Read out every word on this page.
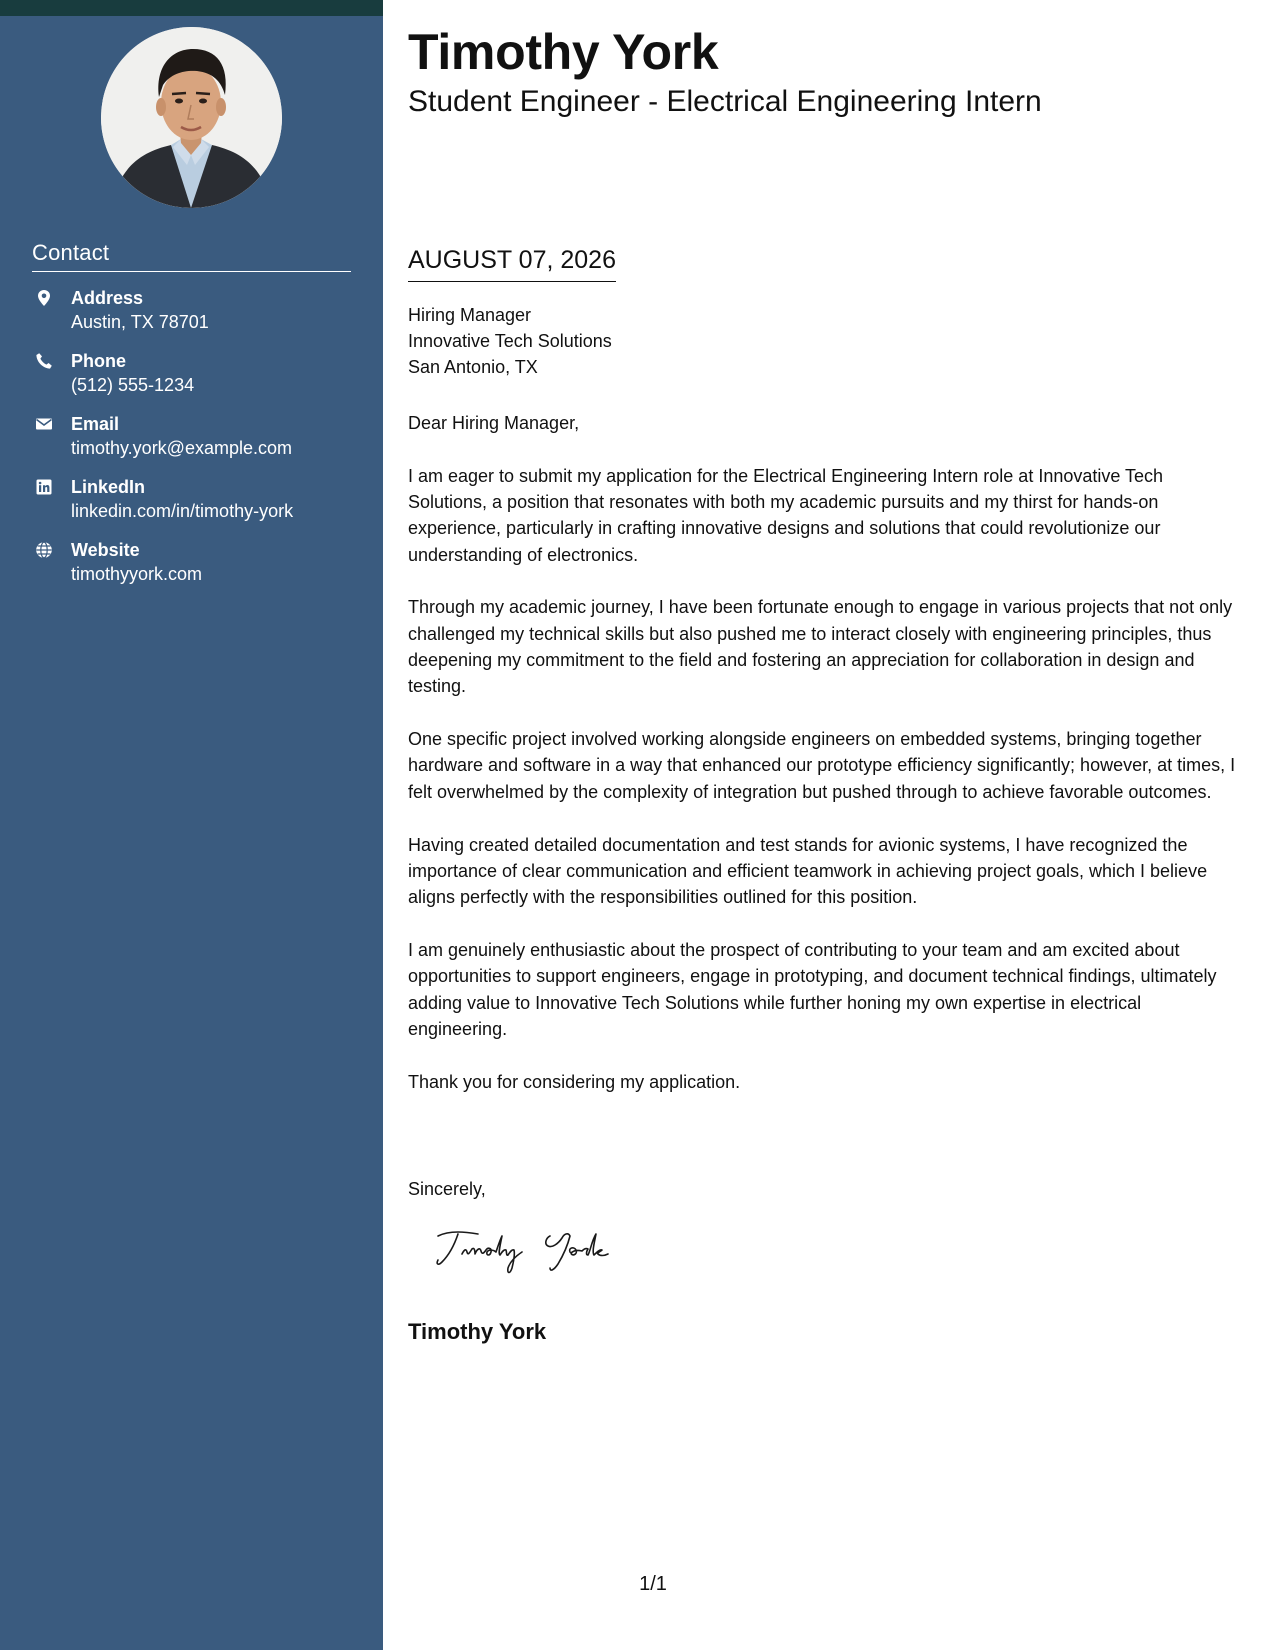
Contact
Address
Austin, TX 78701
Phone
(512) 555-1234
Email
timothy.york@example.com
LinkedIn
linkedin.com/in/timothy-york
Website
timothyyork.com
Timothy York
Student Engineer - Electrical Engineering Intern
AUGUST 07, 2026
Hiring Manager
Innovative Tech Solutions
San Antonio, TX

Dear Hiring Manager,

I am eager to submit my application for the Electrical Engineering Intern role at Innovative Tech Solutions, a position that resonates with both my academic pursuits and my thirst for hands-on experience, particularly in crafting innovative designs and solutions that could revolutionize our understanding of electronics.

Through my academic journey, I have been fortunate enough to engage in various projects that not only challenged my technical skills but also pushed me to interact closely with engineering principles, thus deepening my commitment to the field and fostering an appreciation for collaboration in design and testing.

One specific project involved working alongside engineers on embedded systems, bringing together hardware and software in a way that enhanced our prototype efficiency significantly; however, at times, I felt overwhelmed by the complexity of integration but pushed through to achieve favorable outcomes.

Having created detailed documentation and test stands for avionic systems, I have recognized the importance of clear communication and efficient teamwork in achieving project goals, which I believe aligns perfectly with the responsibilities outlined for this position.

I am genuinely enthusiastic about the prospect of contributing to your team and am excited about opportunities to support engineers, engage in prototyping, and document technical findings, ultimately adding value to Innovative Tech Solutions while further honing my own expertise in electrical engineering.

Thank you for considering my application.

Sincerely,
Timothy York
1/1
